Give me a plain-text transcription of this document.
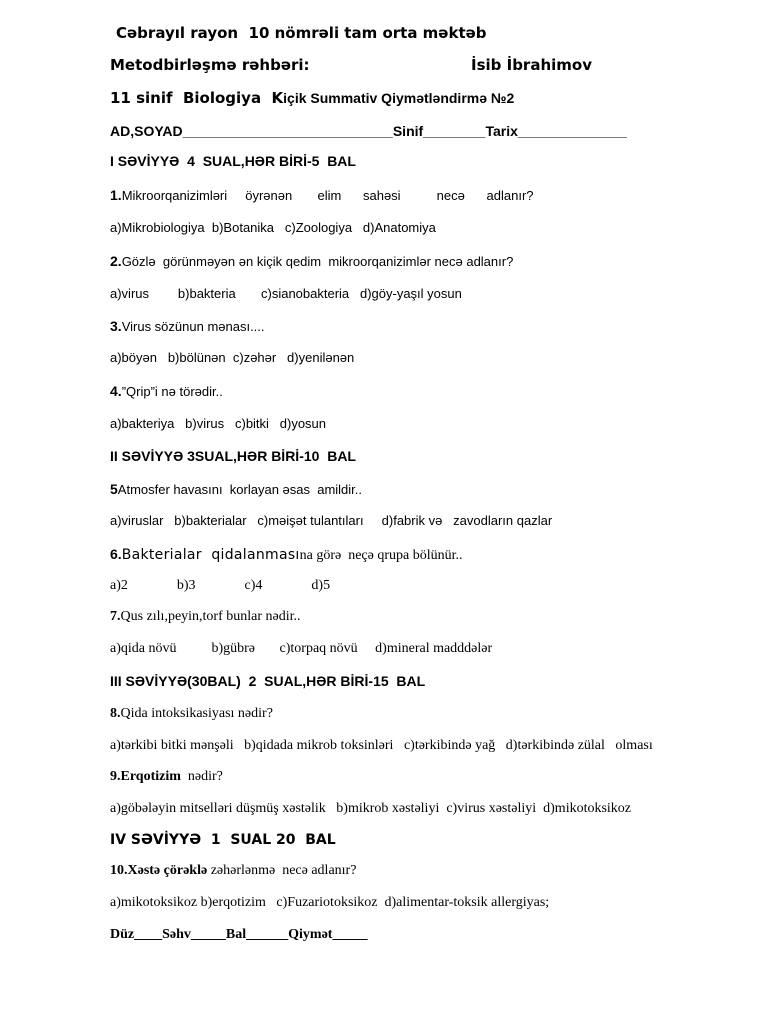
Cəbrayıl rayon  10 nömrəli tam orta məktəb
Metodbirləşmə rəhbəri:	İsib İbrahimov
11 sinif  Biologiya  Kiçik Summativ Qiymətləndirmə №2
AD,SOYAD___________________________Sinif________Tarix______________
I SƏVİYYƏ  4  SUAL,HƏR BİRİ-5  BAL
1.Mikroorqanizimləri     öyrənən       elim      sahəsi          necə      adlanır?
a)Mikrobiologiya  b)Botanika   c)Zoologiya   d)Anatomiya
2.Gözlə  görünməyən ən kiçik qedim  mikroorqanizimlər necə adlanır?
a)virus        b)bakteria       c)sianobakteria   d)göy-yaşıl yosun
3.Virus sözünun mənası....
a)böyən   b)bölünən  c)zəhər   d)yenilənən
4.”Qrip”i nə törədir..
a)bakteriya   b)virus   c)bitki   d)yosun
II SƏVİYYƏ 3SUAL,HƏR BİRİ-10  BAL
5Atmosfer havasını  korlayan əsas  amildir..
a)viruslar   b)bakterialar   c)məişət tulantıları     d)fabrik və   zavodların qazlar
6.Bakterialar  qidalanmasına görə  neçə qrupa bölünür..
a)2              b)3              c)4              d)5
7.Qus zılı,peyin,torf bunlar nədir..
a)qida növü          b)gübrə       c)torpaq növü     d)mineral madddələr
III SƏVİYYƏ(30BAL)  2  SUAL,HƏR BİRİ-15  BAL
8.Qida intoksikasiyası nədir?
a)tərkibi bitki mənşəli   b)qidada mikrob toksinləri   c)tərkibində yağ   d)tərkibində zülal   olması
9.Erqotizim  nədir?
a)göbələyin mitselləri düşmüş xəstəlik   b)mikrob xəstəliyi  c)virus xəstəliyi  d)mikotoksikoz
IV SƏVİYYƏ  1  SUAL 20  BAL
10.Xəstə çörəklə zəhərlənmə  necə adlanır?
a)mikotoksikoz b)erqotizim   c)Fuzariotoksikoz  d)alimentar-toksik allergiyas;
Düz____Səhv_____Bal______Qiymət_____
